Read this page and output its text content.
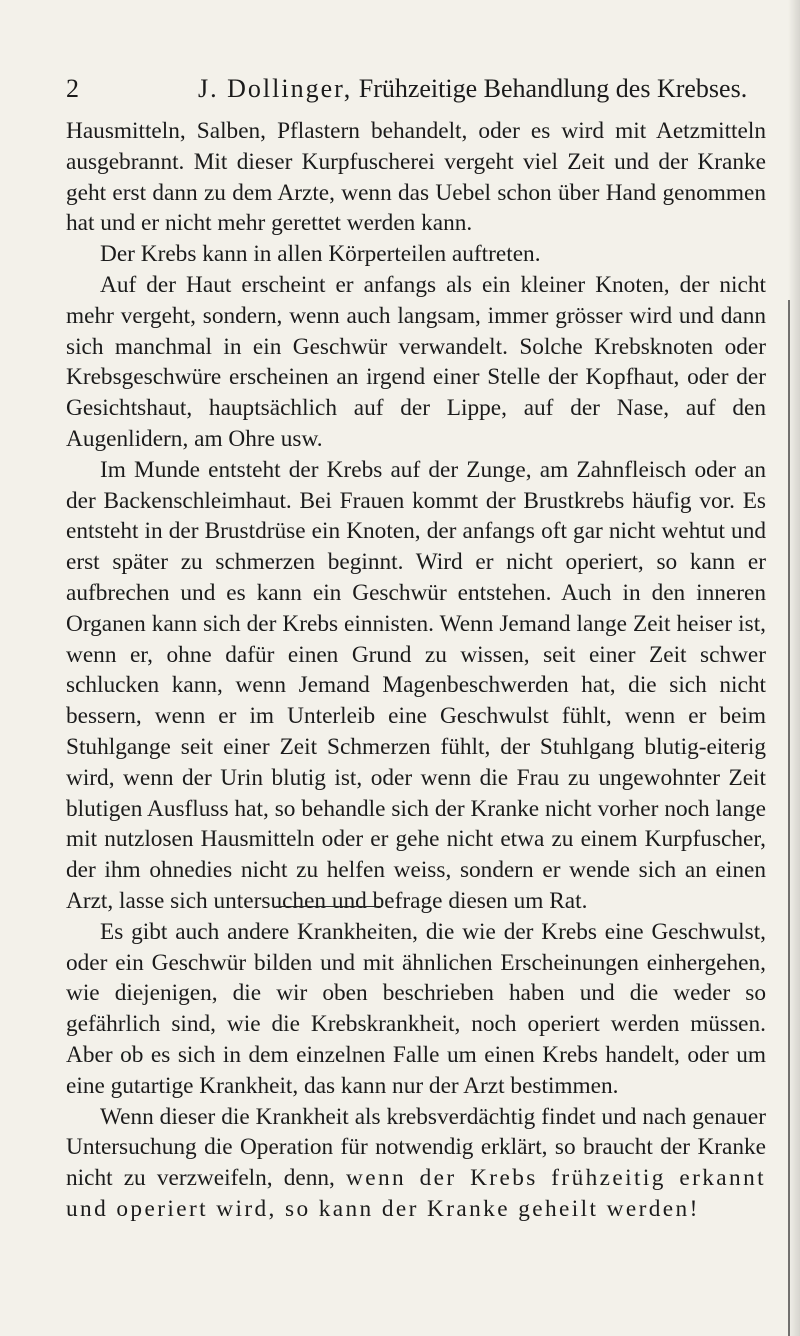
2	J. Dollinger, Frühzeitige Behandlung des Krebses.

Hausmitteln, Salben, Pflastern behandelt, oder es wird mit Aetzmitteln ausgebrannt. Mit dieser Kurpfuscherei vergeht viel Zeit und der Kranke geht erst dann zu dem Arzte, wenn das Uebel schon über Hand genommen hat und er nicht mehr gerettet werden kann.

Der Krebs kann in allen Körperteilen auftreten.

Auf der Haut erscheint er anfangs als ein kleiner Knoten, der nicht mehr vergeht, sondern, wenn auch langsam, immer grösser wird und dann sich manchmal in ein Geschwür verwandelt. Solche Krebsknoten oder Krebsgeschwüre erscheinen an irgend einer Stelle der Kopfhaut, oder der Gesichtshaut, hauptsächlich auf der Lippe, auf der Nase, auf den Augenlidern, am Ohre usw.

Im Munde entsteht der Krebs auf der Zunge, am Zahnfleisch oder an der Backenschleimhaut. Bei Frauen kommt der Brustkrebs häufig vor. Es entsteht in der Brustdrüse ein Knoten, der anfangs oft gar nicht wehtut und erst später zu schmerzen beginnt. Wird er nicht operiert, so kann er aufbrechen und es kann ein Geschwür entstehen. Auch in den inneren Organen kann sich der Krebs einnisten. Wenn Jemand lange Zeit heiser ist, wenn er, ohne dafür einen Grund zu wissen, seit einer Zeit schwer schlucken kann, wenn Jemand Magenbeschwerden hat, die sich nicht bessern, wenn er im Unterleib eine Geschwulst fühlt, wenn er beim Stuhlgange seit einer Zeit Schmerzen fühlt, der Stuhlgang blutig-eiterig wird, wenn der Urin blutig ist, oder wenn die Frau zu ungewohnter Zeit blutigen Ausfluss hat, so behandle sich der Kranke nicht vorher noch lange mit nutzlosen Hausmitteln oder er gehe nicht etwa zu einem Kurpfuscher, der ihm ohnedies nicht zu helfen weiss, sondern er wende sich an einen Arzt, lasse sich untersuchen und befrage diesen um Rat.

Es gibt auch andere Krankheiten, die wie der Krebs eine Geschwulst, oder ein Geschwür bilden und mit ähnlichen Erscheinungen einhergehen, wie diejenigen, die wir oben beschrieben haben und die weder so gefährlich sind, wie die Krebskrankheit, noch operiert werden müssen. Aber ob es sich in dem einzelnen Falle um einen Krebs handelt, oder um eine gutartige Krankheit, das kann nur der Arzt bestimmen.

Wenn dieser die Krankheit als krebsverdächtig findet und nach genauer Untersuchung die Operation für notwendig erklärt, so braucht der Kranke nicht zu verzweifeln, denn, wenn der Krebs frühzeitig erkannt und operiert wird, so kann der Kranke geheilt werden!
